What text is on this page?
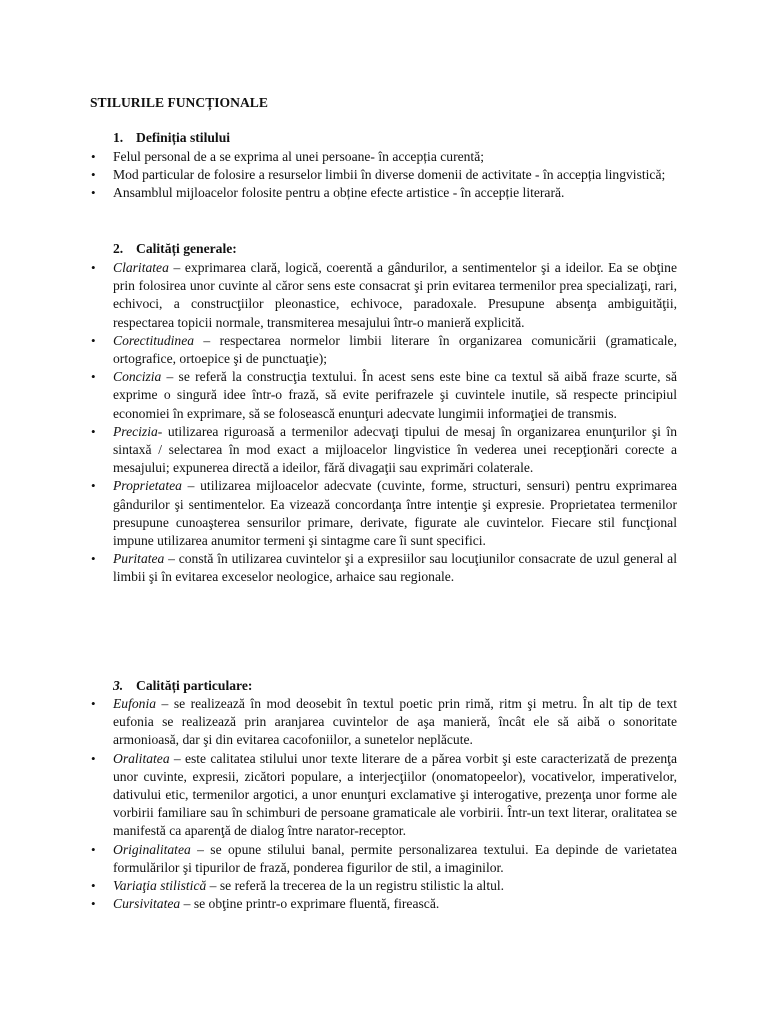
STILURILE FUNCȚIONALE
1. Definiția stilului
• Felul personal de a se exprima al unei persoane- în accepția curentă;
• Mod particular de folosire a resurselor limbii în diverse domenii de activitate - în accepția lingvistică;
• Ansamblul mijloacelor folosite pentru a obține efecte artistice - în accepție literară.
2. Calități generale:
• Claritatea – exprimarea clară, logică, coerentă a gândurilor, a sentimentelor şi a ideilor. Ea se obţine prin folosirea unor cuvinte al căror sens este consacrat şi prin evitarea termenilor prea specializaţi, rari, echivoci, a construcţiilor pleonastice, echivoce, paradoxale. Presupune absenţa ambiguităţii, respectarea topicii normale, transmiterea mesajului într-o manieră explicită.
• Corectitudinea – respectarea normelor limbii literare în organizarea comunicării (gramaticale, ortografice, ortoepice şi de punctuaţie);
• Concizia – se referă la construcţia textului. În acest sens este bine ca textul să aibă fraze scurte, să exprime o singură idee într-o frază, să evite perifrazele şi cuvintele inutile, să respecte principiul economiei în exprimare, să se folosească enunţuri adecvate lungimii informaţiei de transmis.
• Precizia- utilizarea riguroasă a termenilor adecvaţi tipului de mesaj în organizarea enunţurilor şi în sintaxă / selectarea în mod exact a mijloacelor lingvistice în vederea unei recepţionări corecte a mesajului; expunerea directă a ideilor, fără divagaţii sau exprimări colaterale.
• Proprietatea – utilizarea mijloacelor adecvate (cuvinte, forme, structuri, sensuri) pentru exprimarea gândurilor şi sentimentelor. Ea vizează concordanţa între intenţie şi expresie. Proprietatea termenilor presupune cunoaşterea sensurilor primare, derivate, figurate ale cuvintelor. Fiecare stil funcţional impune utilizarea anumitor termeni şi sintagme care îi sunt specifici.
• Puritatea – constă în utilizarea cuvintelor şi a expresiilor sau locuţiunilor consacrate de uzul general al limbii şi în evitarea exceselor neologice, arhaice sau regionale.
3. Calități particulare:
• Eufonia – se realizează în mod deosebit în textul poetic prin rimă, ritm şi metru. În alt tip de text eufonia se realizează prin aranjarea cuvintelor de aşa manieră, încât ele să aibă o sonoritate armonioasă, dar şi din evitarea cacofoniilor, a sunetelor neplăcute.
• Oralitatea – este calitatea stilului unor texte literare de a părea vorbit şi este caracterizată de prezenţa unor cuvinte, expresii, zicători populare, a interjecţiilor (onomatopeelor), vocativelor, imperativelor, dativului etic, termenilor argotici, a unor enunţuri exclamative şi interogative, prezenţa unor forme ale vorbirii familiare sau în schimburi de persoane gramaticale ale vorbirii. Într-un text literar, oralitatea se manifestă ca aparenţă de dialog între narator-receptor.
• Originalitatea – se opune stilului banal, permite personalizarea textului. Ea depinde de varietatea formulărilor şi tipurilor de frază, ponderea figurilor de stil, a imaginilor.
• Variaţia stilistică – se referă la trecerea de la un registru stilistic la altul.
• Cursivitatea – se obţine printr-o exprimare fluentă, firească.
